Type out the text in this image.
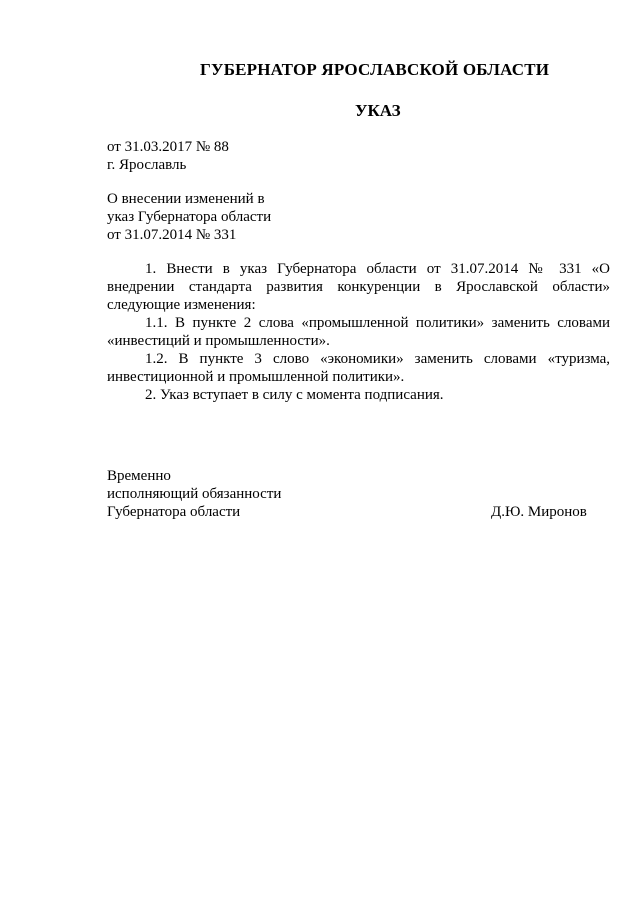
ГУБЕРНАТОР ЯРОСЛАВСКОЙ ОБЛАСТИ
УКАЗ
от 31.03.2017 № 88
г. Ярославль
О внесении изменений в
указ Губернатора области
от 31.07.2014 № 331

1. Внести в указ Губернатора области от 31.07.2014 № 331 «О внедрении стандарта развития конкуренции в Ярославской области» следующие изменения:

1.1. В пункте 2 слова «промышленной политики» заменить словами «инвестиций и промышленности».

1.2. В пункте 3 слово «экономики» заменить словами «туризма, инвестиционной и промышленной политики».

2. Указ вступает в силу с момента подписания.

Временно
исполняющий обязанности
Губернатора области	Д.Ю. Миронов
